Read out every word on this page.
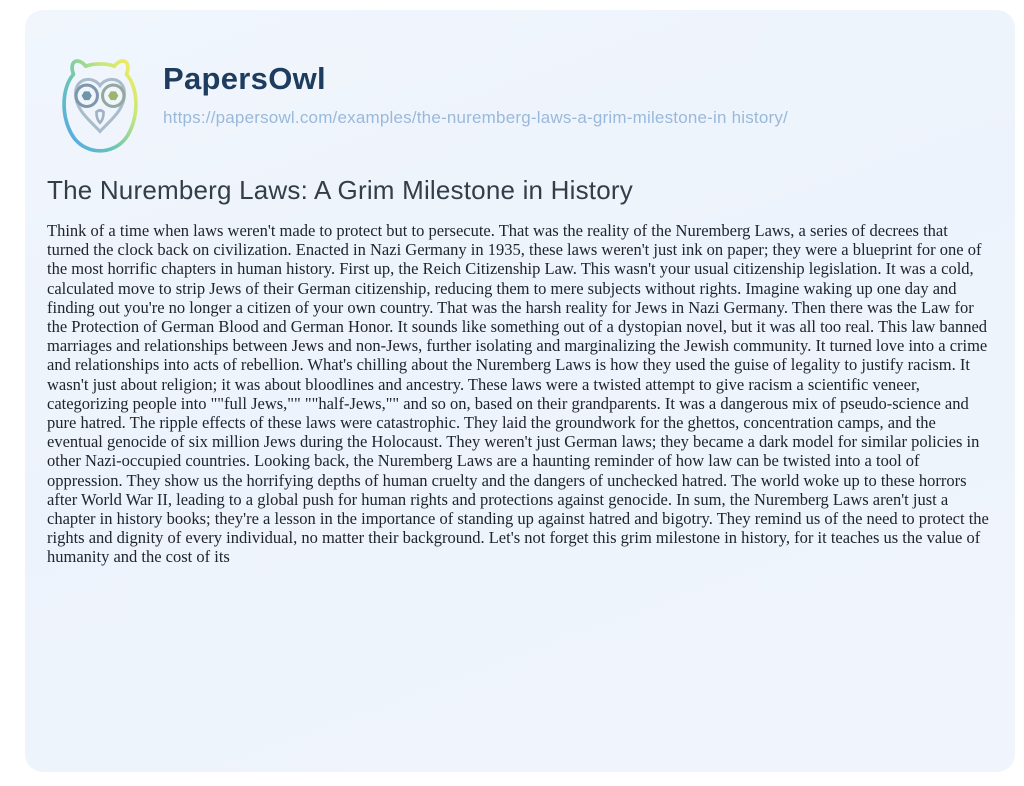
PapersOwl
https://papersowl.com/examples/the-nuremberg-laws-a-grim-milestone-in history/
The Nuremberg Laws: A Grim Milestone in History

Think of a time when laws weren't made to protect but to persecute. That was the reality of the Nuremberg Laws, a series of decrees that turned the clock back on civilization. Enacted in Nazi Germany in 1935, these laws weren't just ink on paper; they were a blueprint for one of the most horrific chapters in human history. First up, the Reich Citizenship Law. This wasn't your usual citizenship legislation. It was a cold, calculated move to strip Jews of their German citizenship, reducing them to mere subjects without rights. Imagine waking up one day and finding out you're no longer a citizen of your own country. That was the harsh reality for Jews in Nazi Germany. Then there was the Law for the Protection of German Blood and German Honor. It sounds like something out of a dystopian novel, but it was all too real. This law banned marriages and relationships between Jews and non-Jews, further isolating and marginalizing the Jewish community. It turned love into a crime and relationships into acts of rebellion. What's chilling about the Nuremberg Laws is how they used the guise of legality to justify racism. It wasn't just about religion; it was about bloodlines and ancestry. These laws were a twisted attempt to give racism a scientific veneer, categorizing people into ""full Jews,"" ""half-Jews,"" and so on, based on their grandparents. It was a dangerous mix of pseudo-science and pure hatred. The ripple effects of these laws were catastrophic. They laid the groundwork for the ghettos, concentration camps, and the eventual genocide of six million Jews during the Holocaust. They weren't just German laws; they became a dark model for similar policies in other Nazi-occupied countries. Looking back, the Nuremberg Laws are a haunting reminder of how law can be twisted into a tool of oppression. They show us the horrifying depths of human cruelty and the dangers of unchecked hatred. The world woke up to these horrors after World War II, leading to a global push for human rights and protections against genocide. In sum, the Nuremberg Laws aren't just a chapter in history books; they're a lesson in the importance of standing up against hatred and bigotry. They remind us of the need to protect the rights and dignity of every individual, no matter their background. Let's not forget this grim milestone in history, for it teaches us the value of humanity and the cost of its
